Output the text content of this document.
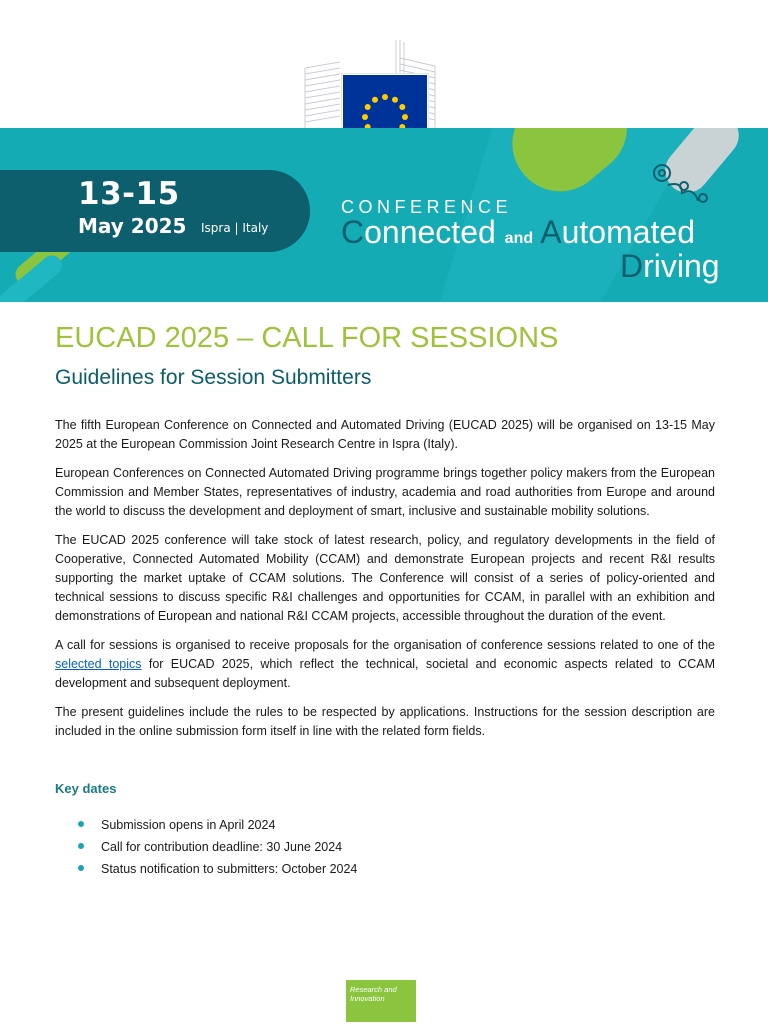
13-15
May 2025 Ispra | Italy
CONFERENCE
Connected and Automated
Driving
EUCAD 2025 – CALL FOR SESSIONS
Guidelines for Session Submitters

The fifth European Conference on Connected and Automated Driving (EUCAD 2025) will be organised on 13-15 May 2025 at the European Commission Joint Research Centre in Ispra (Italy).

European Conferences on Connected Automated Driving programme brings together policy makers from the European Commission and Member States, representatives of industry, academia and road authorities from Europe and around the world to discuss the development and deployment of smart, inclusive and sustainable mobility solutions.

The EUCAD 2025 conference will take stock of latest research, policy, and regulatory developments in the field of Cooperative, Connected Automated Mobility (CCAM) and demonstrate European projects and recent R&I results supporting the market uptake of CCAM solutions. The Conference will consist of a series of policy-oriented and technical sessions to discuss specific R&I challenges and opportunities for CCAM, in parallel with an exhibition and demonstrations of European and national R&I CCAM projects, accessible throughout the duration of the event.

A call for sessions is organised to receive proposals for the organisation of conference sessions related to one of the selected topics for EUCAD 2025, which reflect the technical, societal and economic aspects related to CCAM development and subsequent deployment.

The present guidelines include the rules to be respected by applications. Instructions for the session description are included in the online submission form itself in line with the related form fields.

Key dates
Submission opens in April 2024
Call for contribution deadline: 30 June 2024
Status notification to submitters: October 2024
Research and
Innovation
